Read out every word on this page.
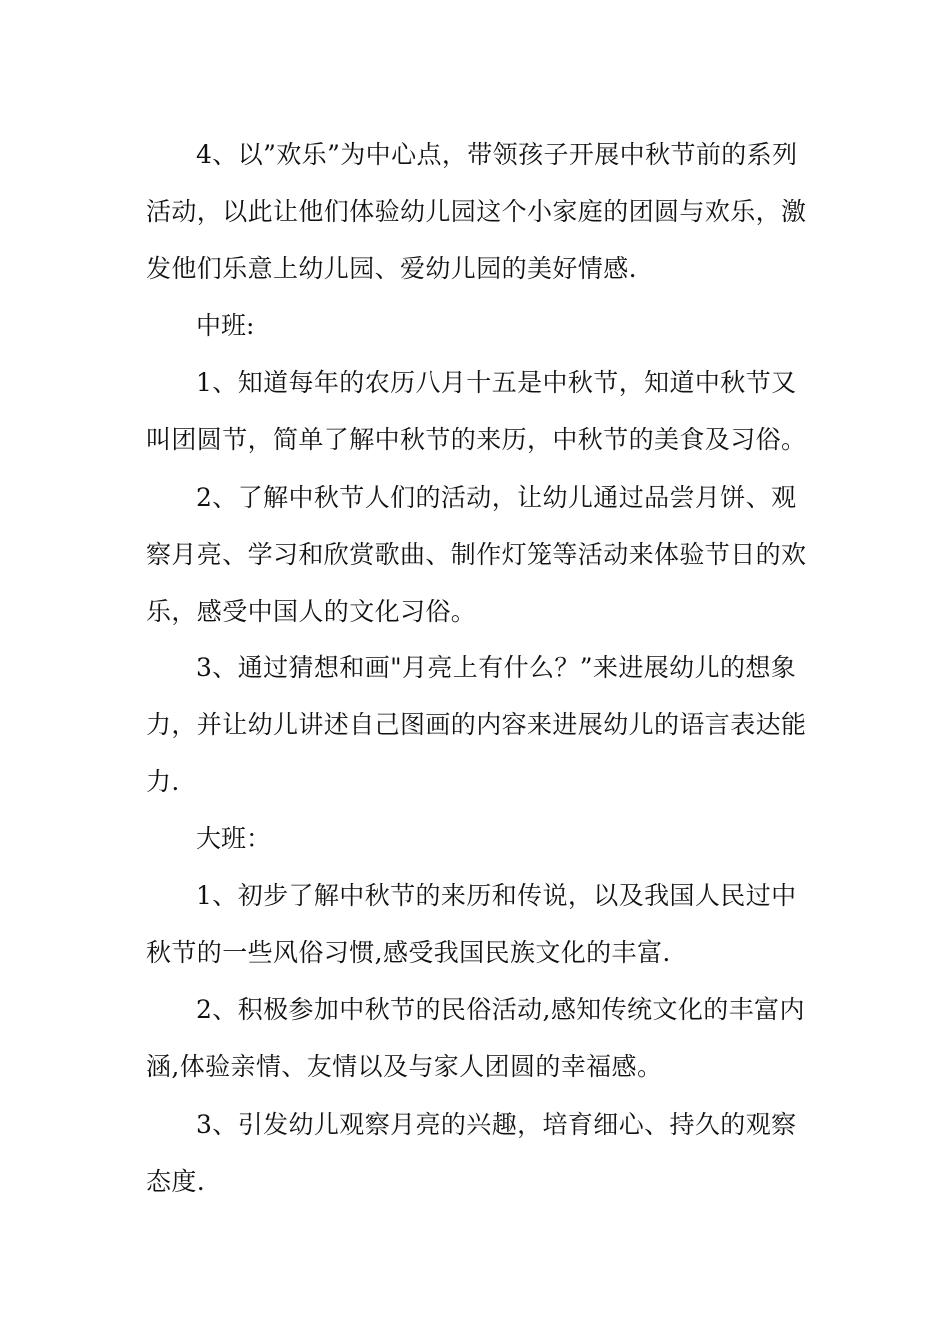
4、以”欢乐”为中心点，带领孩子开展中秋节前的系列活动，以此让他们体验幼儿园这个小家庭的团圆与欢乐，激发他们乐意上幼儿园、爱幼儿园的美好情感.

中班:

1、知道每年的农历八月十五是中秋节，知道中秋节又叫团圆节，简单了解中秋节的来历，中秋节的美食及习俗。

2、了解中秋节人们的活动，让幼儿通过品尝月饼、观察月亮、学习和欣赏歌曲、制作灯笼等活动来体验节日的欢乐，感受中国人的文化习俗。

3、通过猜想和画"月亮上有什么？”来进展幼儿的想象力，并让幼儿讲述自己图画的内容来进展幼儿的语言表达能力.

大班：

1、初步了解中秋节的来历和传说，以及我国人民过中秋节的一些风俗习惯,感受我国民族文化的丰富.

2、积极参加中秋节的民俗活动,感知传统文化的丰富内涵,体验亲情、友情以及与家人团圆的幸福感。

3、引发幼儿观察月亮的兴趣，培育细心、持久的观察态度.
